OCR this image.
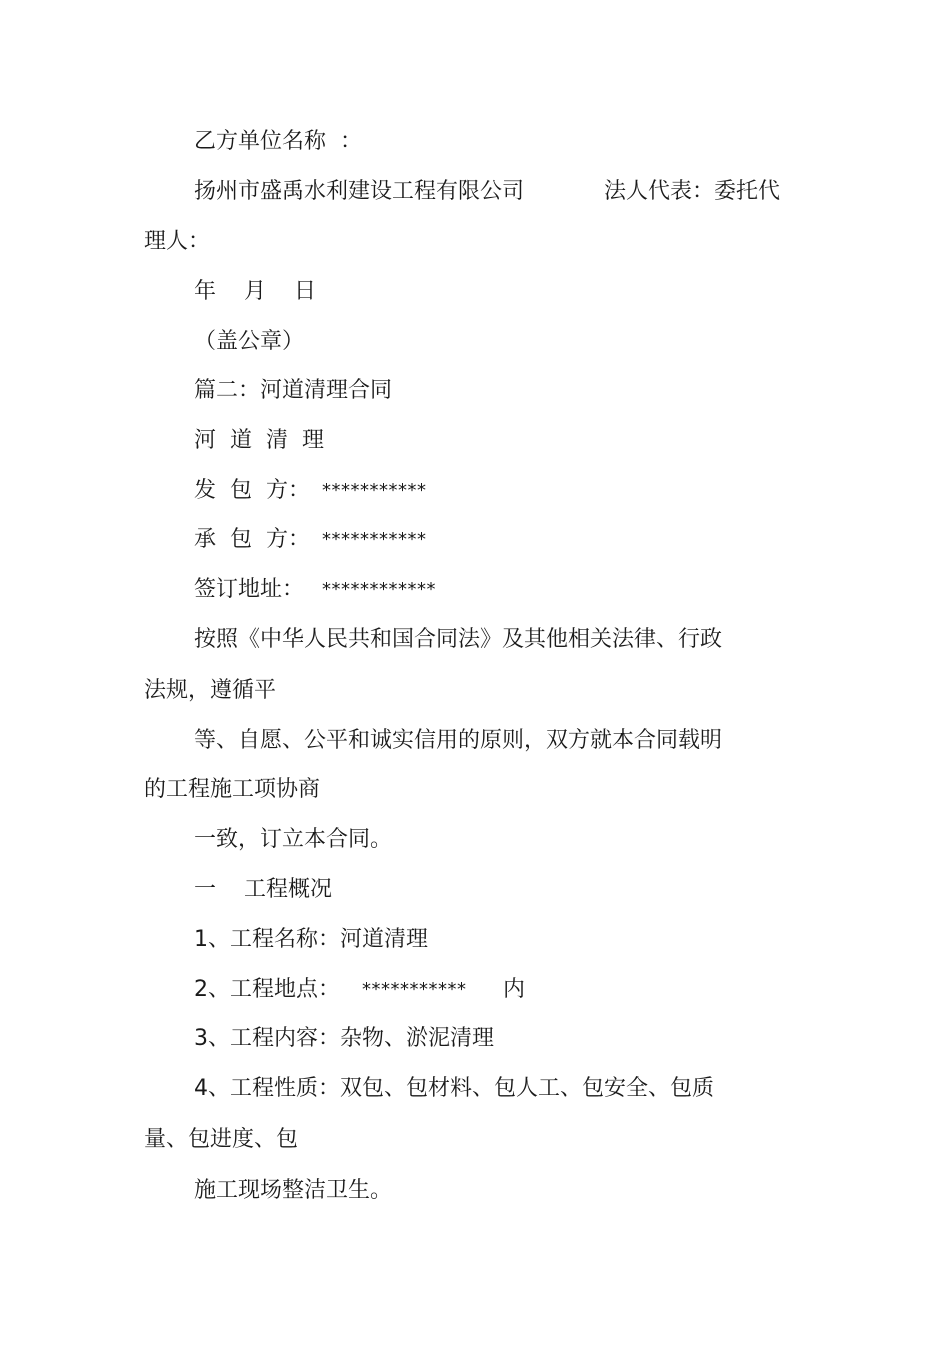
乙方单位名称  ：
扬州市盛禹水利建设工程有限公司	法人代表：委托代
理人：
年    月    日
（盖公章）
篇二：河道清理合同
河  道  清  理
发  包  方： ***********
承  包  方： ***********
签订地址： ************
按照《中华人民共和国合同法》及其他相关法律、行政
法规，遵循平
等、自愿、公平和诚实信用的原则，双方就本合同载明
的工程施工项协商
一致，订立本合同。
一    工程概况
1、工程名称：河道清理
2、工程地点： *********** 内
3、工程内容：杂物、淤泥清理
4、工程性质：双包、包材料、包人工、包安全、包质
量、包进度、包
施工现场整洁卫生。
